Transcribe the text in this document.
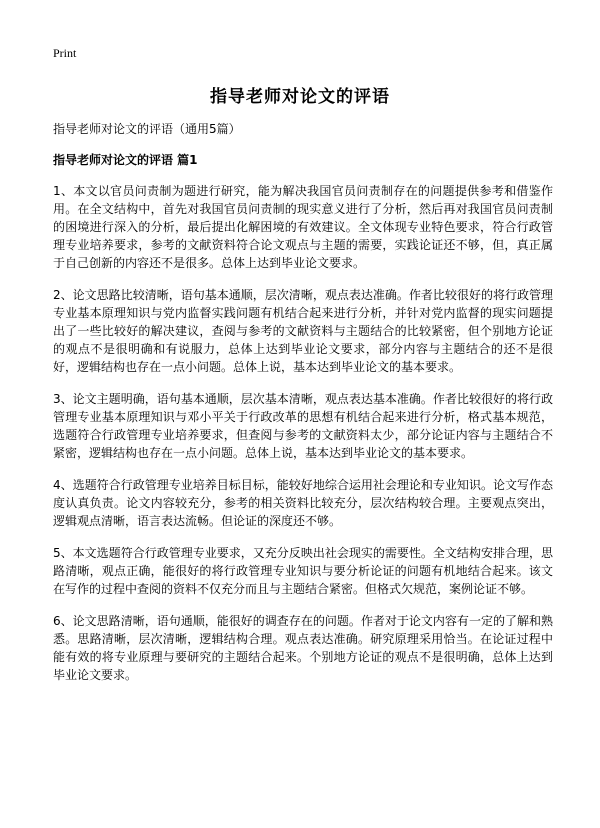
Print
指导老师对论文的评语

指导老师对论文的评语（通用5篇）

指导老师对论文的评语 篇1

1、本文以官员问责制为题进行研究，能为解决我国官员问责制存在的问题提供参考和借鉴作用。在全文结构中，首先对我国官员问责制的现实意义进行了分析，然后再对我国官员问责制的困境进行深入的分析，最后提出化解困境的有效建议。全文体现专业特色要求，符合行政管理专业培养要求，参考的文献资料符合论文观点与主题的需要，实践论证还不够，但，真正属于自己创新的内容还不是很多。总体上达到毕业论文要求。

2、论文思路比较清晰，语句基本通顺，层次清晰，观点表达准确。作者比较很好的将行政管理专业基本原理知识与党内监督实践问题有机结合起来进行分析，并针对党内监督的现实问题提出了一些比较好的解决建议，查阅与参考的文献资料与主题结合的比较紧密，但个别地方论证的观点不是很明确和有说服力，总体上达到毕业论文要求，部分内容与主题结合的还不是很好，逻辑结构也存在一点小问题。总体上说，基本达到毕业论文的基本要求。

3、论文主题明确，语句基本通顺，层次基本清晰，观点表达基本准确。作者比较很好的将行政管理专业基本原理知识与邓小平关于行政改革的思想有机结合起来进行分析，格式基本规范，选题符合行政管理专业培养要求，但查阅与参考的文献资料太少，部分论证内容与主题结合不紧密，逻辑结构也存在一点小问题。总体上说，基本达到毕业论文的基本要求。

4、选题符合行政管理专业培养目标目标，能较好地综合运用社会理论和专业知识。论文写作态度认真负责。论文内容较充分，参考的相关资料比较充分，层次结构较合理。主要观点突出，逻辑观点清晰，语言表达流畅。但论证的深度还不够。

5、本文选题符合行政管理专业要求，又充分反映出社会现实的需要性。全文结构安排合理，思路清晰，观点正确，能很好的将行政管理专业知识与要分析论证的问题有机地结合起来。该文在写作的过程中查阅的资料不仅充分而且与主题结合紧密。但格式欠规范，案例论证不够。

6、论文思路清晰，语句通顺，能很好的调查存在的问题。作者对于论文内容有一定的了解和熟悉。思路清晰，层次清晰，逻辑结构合理。观点表达准确。研究原理采用恰当。在论证过程中能有效的将专业原理与要研究的主题结合起来。个别地方论证的观点不是很明确，总体上达到毕业论文要求。
